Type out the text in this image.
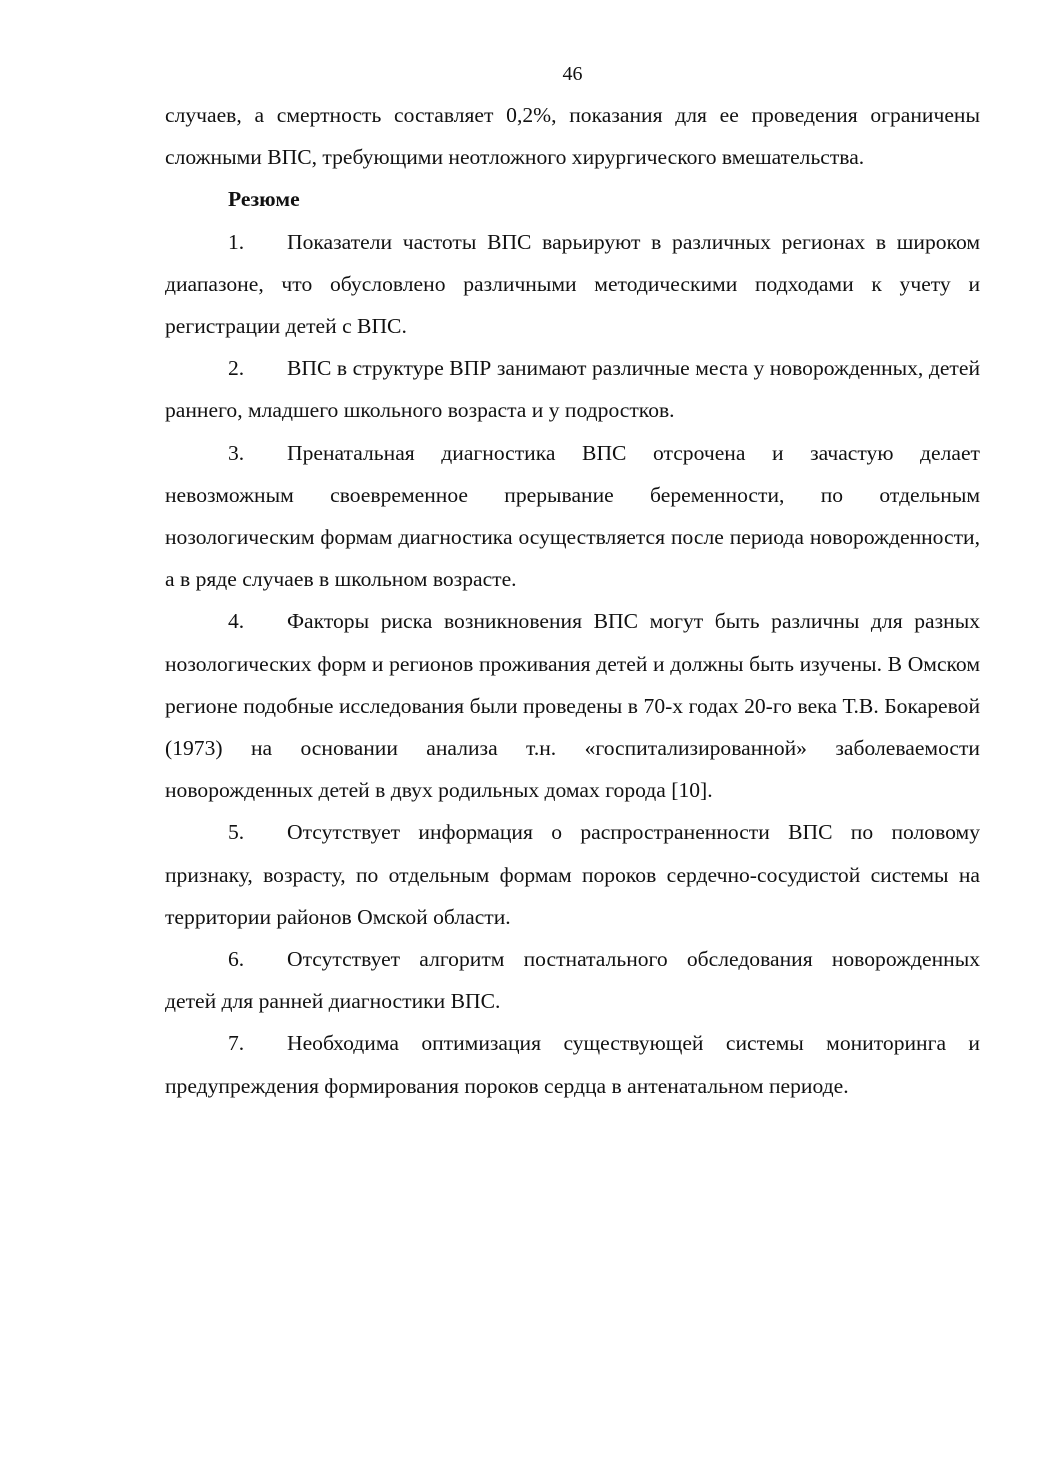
46

случаев, а смертность составляет 0,2%, показания для ее проведения ограничены сложными ВПС, требующими неотложного хирургического вмешательства.

Резюме

1. Показатели частоты ВПС варьируют в различных регионах в широком диапазоне, что обусловлено различными методическими подходами к учету и регистрации детей с ВПС.

2. ВПС в структуре ВПР занимают различные места у новорожденных, детей раннего, младшего школьного возраста и у подростков.

3. Пренатальная диагностика ВПС отсрочена и зачастую делает невозможным своевременное прерывание беременности, по отдельным нозологическим формам диагностика осуществляется после периода новорожденности, а в ряде случаев в школьном возрасте.

4. Факторы риска возникновения ВПС могут быть различны для разных нозологических форм и регионов проживания детей и должны быть изучены. В Омском регионе подобные исследования были проведены в 70-х годах 20-го века Т.В. Бокаревой (1973) на основании анализа т.н. «госпитализированной» заболеваемости новорожденных детей в двух родильных домах города [10].

5. Отсутствует информация о распространенности ВПС по половому признаку, возрасту, по отдельным формам пороков сердечно-сосудистой системы на территории районов Омской области.

6. Отсутствует алгоритм постнатального обследования новорожденных детей для ранней диагностики ВПС.

7. Необходима оптимизация существующей системы мониторинга и предупреждения формирования пороков сердца в антенатальном периоде.
